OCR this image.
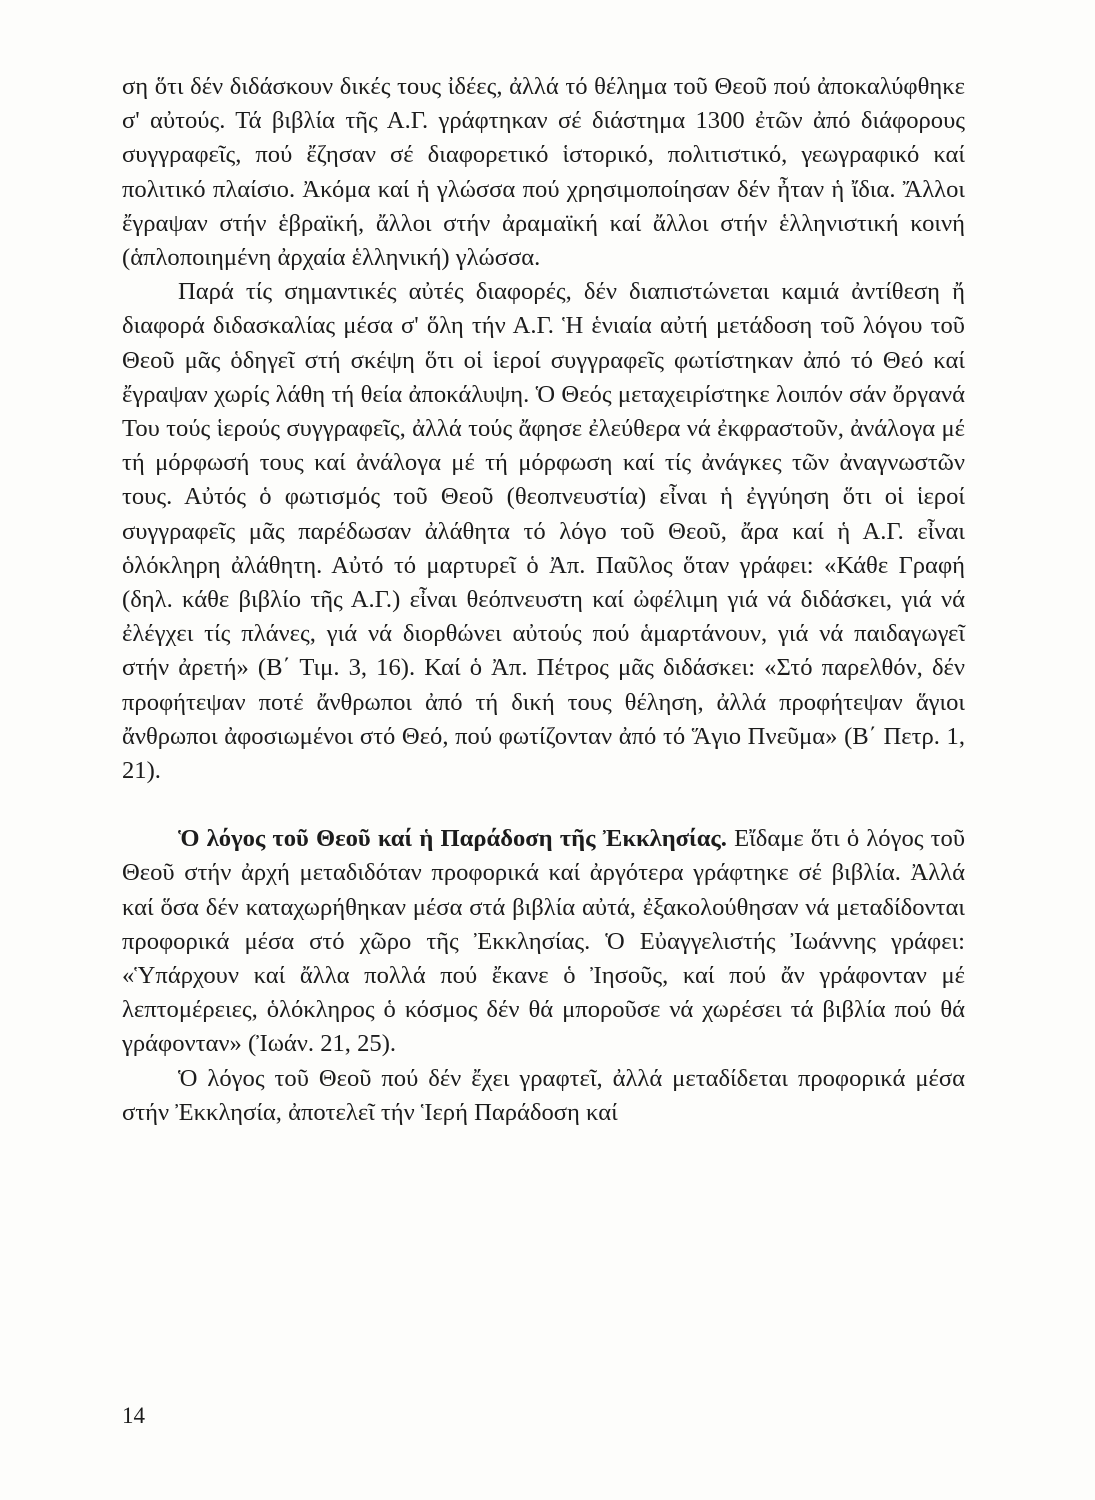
ση ὅτι δέν διδάσκουν δικές τους ἰδέες, ἀλλά τό θέλημα τοῦ Θεοῦ πού ἀποκαλύφθηκε σ' αὐτούς. Τά βιβλία τῆς Α.Γ. γράφτηκαν σέ διάστημα 1300 ἐτῶν ἀπό διάφορους συγγραφεῖς, πού ἔζησαν σέ διαφορετικό ἱστορικό, πολιτιστικό, γεωγραφικό καί πολιτικό πλαίσιο. Ἀκόμα καί ἡ γλώσσα πού χρησιμοποίησαν δέν ἦταν ἡ ἴδια. Ἄλλοι ἔγραψαν στήν ἑβραϊκή, ἄλλοι στήν ἀραμαϊκή καί ἄλλοι στήν ἑλληνιστική κοινή (ἁπλοποιημένη ἀρχαία ἑλληνική) γλώσσα.

Παρά τίς σημαντικές αὐτές διαφορές, δέν διαπιστώνεται καμιά ἀντίθεση ἤ διαφορά διδασκαλίας μέσα σ' ὅλη τήν Α.Γ. Ἡ ἑνιαία αὐτή μετάδοση τοῦ λόγου τοῦ Θεοῦ μᾶς ὁδηγεῖ στή σκέψη ὅτι οἱ ἱεροί συγγραφεῖς φωτίστηκαν ἀπό τό Θεό καί ἔγραψαν χωρίς λάθη τή θεία ἀποκάλυψη. Ὁ Θεός μεταχειρίστηκε λοιπόν σάν ὄργανά Του τούς ἱερούς συγγραφεῖς, ἀλλά τούς ἄφησε ἐλεύθερα νά ἐκφραστοῦν, ἀνάλογα μέ τή μόρφωσή τους καί ἀνάλογα μέ τή μόρφωση καί τίς ἀνάγκες τῶν ἀναγνωστῶν τους. Αὐτός ὁ φωτισμός τοῦ Θεοῦ (θεοπνευστία) εἶναι ἡ ἐγγύηση ὅτι οἱ ἱεροί συγγραφεῖς μᾶς παρέδωσαν ἀλάθητα τό λόγο τοῦ Θεοῦ, ἄρα καί ἡ Α.Γ. εἶναι ὁλόκληρη ἀλάθητη. Αὐτό τό μαρτυρεῖ ὁ Ἀπ. Παῦλος ὅταν γράφει: «Κάθε Γραφή (δηλ. κάθε βιβλίο τῆς Α.Γ.) εἶναι θεόπνευστη καί ὠφέλιμη γιά νά διδάσκει, γιά νά ἐλέγχει τίς πλάνες, γιά νά διορθώνει αὐτούς πού ἁμαρτάνουν, γιά νά παιδαγωγεῖ στήν ἀρετή» (Β΄ Τιμ. 3, 16). Καί ὁ Ἀπ. Πέτρος μᾶς διδάσκει: «Στό παρελθόν, δέν προφήτεψαν ποτέ ἄνθρωποι ἀπό τή δική τους θέληση, ἀλλά προφήτεψαν ἅγιοι ἄνθρωποι ἀφοσιωμένοι στό Θεό, πού φωτίζονταν ἀπό τό Ἅγιο Πνεῦμα» (Β΄ Πετρ. 1, 21).

Ὁ λόγος τοῦ Θεοῦ καί ἡ Παράδοση τῆς Ἐκκλησίας. Εἴδαμε ὅτι ὁ λόγος τοῦ Θεοῦ στήν ἀρχή μεταδιδόταν προφορικά καί ἀργότερα γράφτηκε σέ βιβλία. Ἀλλά καί ὅσα δέν καταχωρήθηκαν μέσα στά βιβλία αὐτά, ἐξακολούθησαν νά μεταδίδονται προφορικά μέσα στό χῶρο τῆς Ἐκκλησίας. Ὁ Εὐαγγελιστής Ἰωάννης γράφει: «Ὑπάρχουν καί ἄλλα πολλά πού ἔκανε ὁ Ἰησοῦς, καί πού ἄν γράφονταν μέ λεπτομέρειες, ὁλόκληρος ὁ κόσμος δέν θά μποροῦσε νά χωρέσει τά βιβλία πού θά γράφονταν» (Ἰωάν. 21, 25).

Ὁ λόγος τοῦ Θεοῦ πού δέν ἔχει γραφτεῖ, ἀλλά μεταδίδεται προφορικά μέσα στήν Ἐκκλησία, ἀποτελεῖ τήν Ἱερή Παράδοση καί

14
